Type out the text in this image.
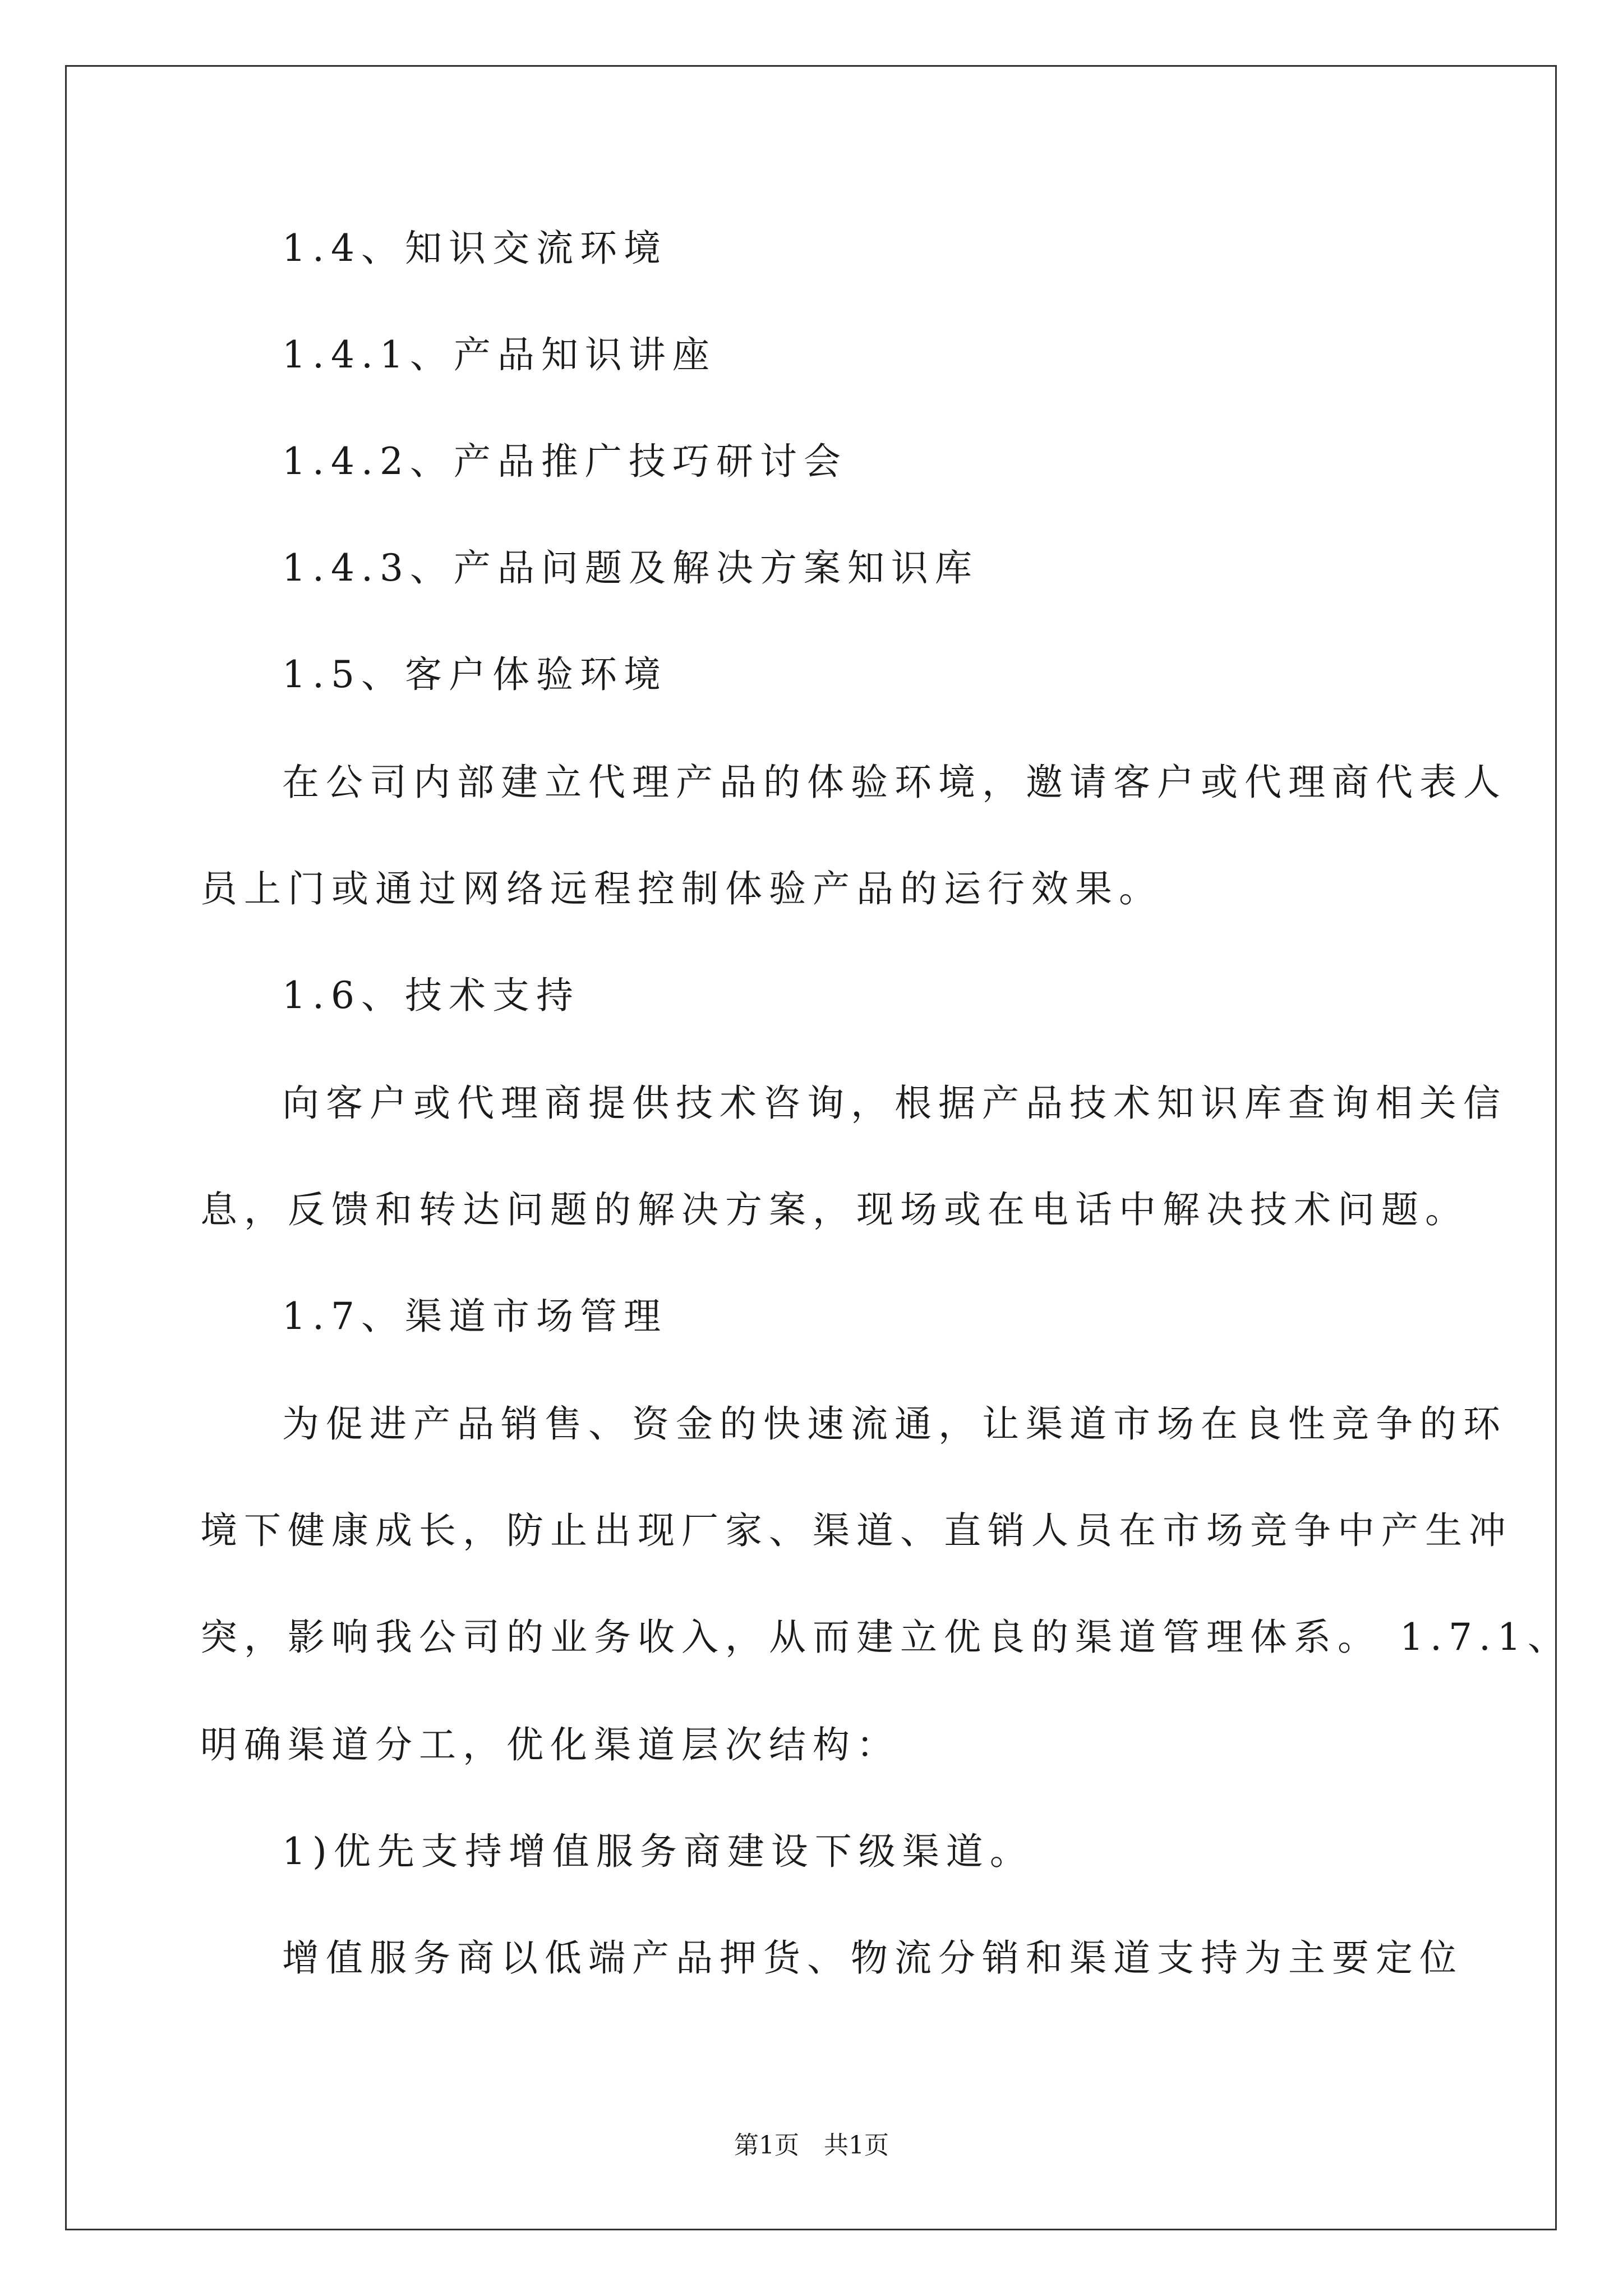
1.4、知识交流环境
1.4.1、产品知识讲座
1.4.2、产品推广技巧研讨会
1.4.3、产品问题及解决方案知识库
1.5、客户体验环境
在公司内部建立代理产品的体验环境，邀请客户或代理商代表人
员上门或通过网络远程控制体验产品的运行效果。
1.6、技术支持
向客户或代理商提供技术咨询，根据产品技术知识库查询相关信
息，反馈和转达问题的解决方案，现场或在电话中解决技术问题。
1.7、渠道市场管理
为促进产品销售、资金的快速流通，让渠道市场在良性竞争的环
境下健康成长，防止出现厂家、渠道、直销人员在市场竞争中产生冲
突，影响我公司的业务收入，从而建立优良的渠道管理体系。 1.7.1、
明确渠道分工，优化渠道层次结构：
1)优先支持增值服务商建设下级渠道。
增值服务商以低端产品押货、物流分销和渠道支持为主要定位
第1页　共1页
